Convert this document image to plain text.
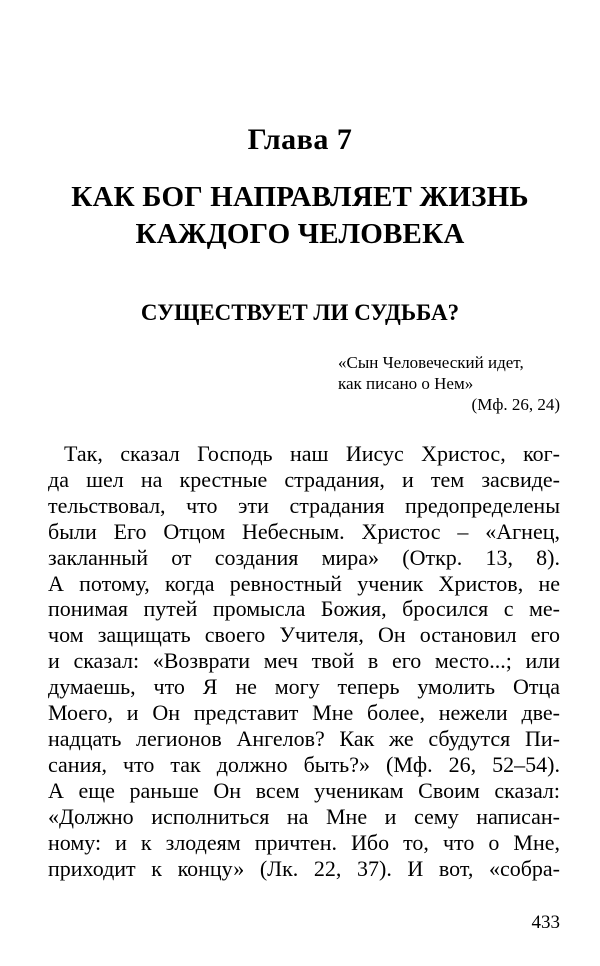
Глава 7
КАК БОГ НАПРАВЛЯЕТ ЖИЗНЬ
КАЖДОГО ЧЕЛОВЕКА
СУЩЕСТВУЕТ ЛИ СУДЬБА?
«Сын Человеческий идет,
как писано о Нем»
(Мф. 26, 24)
Так, сказал Господь наш Иисус Христос, ког-
да шел на крестные страдания, и тем засвиде-
тельствовал, что эти страдания предопределены
были Его Отцом Небесным. Христос – «Агнец,
закланный от создания мира» (Откр. 13, 8).
А потому, когда ревностный ученик Христов, не
понимая путей промысла Божия, бросился с ме-
чом защищать своего Учителя, Он остановил его
и сказал: «Возврати меч твой в его место...; или
думаешь, что Я не могу теперь умолить Отца
Моего, и Он представит Мне более, нежели две-
надцать легионов Ангелов? Как же сбудутся Пи-
сания, что так должно быть?» (Мф. 26, 52–54).
А еще раньше Он всем ученикам Своим сказал:
«Должно исполниться на Мне и сему написан-
ному: и к злодеям причтен. Ибо то, что о Мне,
приходит к концу» (Лк. 22, 37). И вот, «собра-
433
